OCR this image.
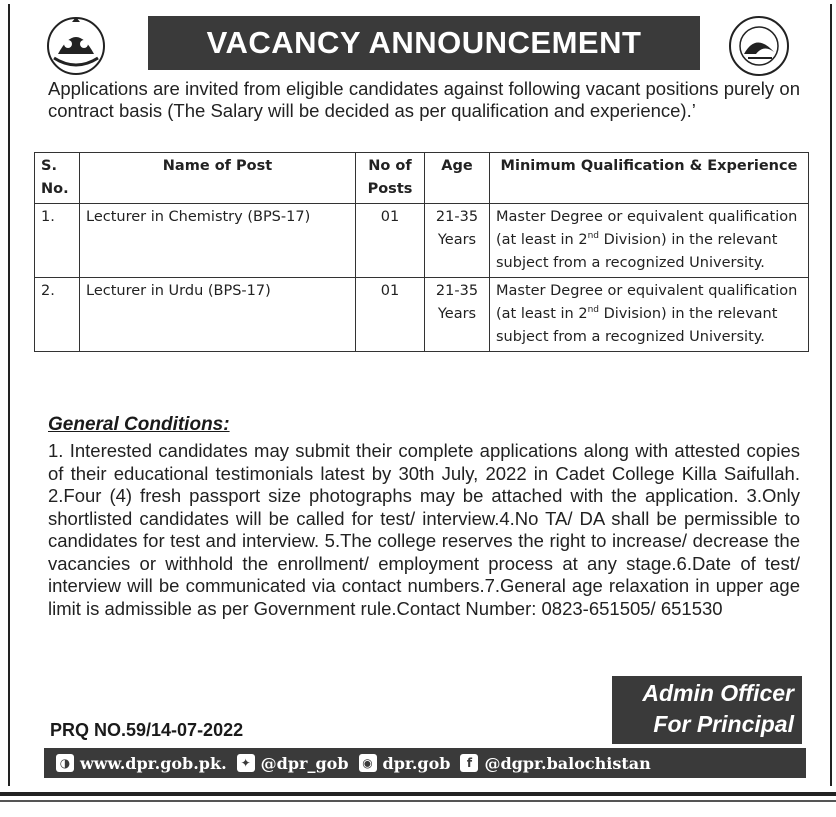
VACANCY ANNOUNCEMENT
Applications are invited from eligible candidates against following vacant positions purely on contract basis (The Salary will be decided as per qualification and experience).’
S. No.	Name of Post	No of Posts	Age	Minimum Qualification & Experience
1.	Lecturer in Chemistry (BPS-17)	01	21-35 Years	Master Degree or equivalent qualification (at least in 2nd Division) in the relevant subject from a recognized University.
2.	Lecturer in Urdu (BPS-17)	01	21-35 Years	Master Degree or equivalent qualification (at least in 2nd Division) in the relevant subject from a recognized University.
General Conditions:
1. Interested candidates may submit their complete applications along with attested copies of their educational testimonials latest by 30th July, 2022 in Cadet College Killa Saifullah. 2.Four (4) fresh passport size photographs may be attached with the application. 3.Only shortlisted candidates will be called for test/ interview.4.No TA/ DA shall be permissible to candidates for test and interview. 5.The college reserves the right to increase/ decrease the vacancies or withhold the enrollment/ employment process at any stage.6.Date of test/ interview will be communicated via contact numbers.7.General age relaxation in upper age limit is admissible as per Government rule.Contact Number: 0823-651505/ 651530
Admin Officer
For Principal
PRQ NO.59/14-07-2022
◑ www.dpr.gob.pk.	✦ @dpr_gob	◉ dpr.gob	f @dgpr.balochistan
